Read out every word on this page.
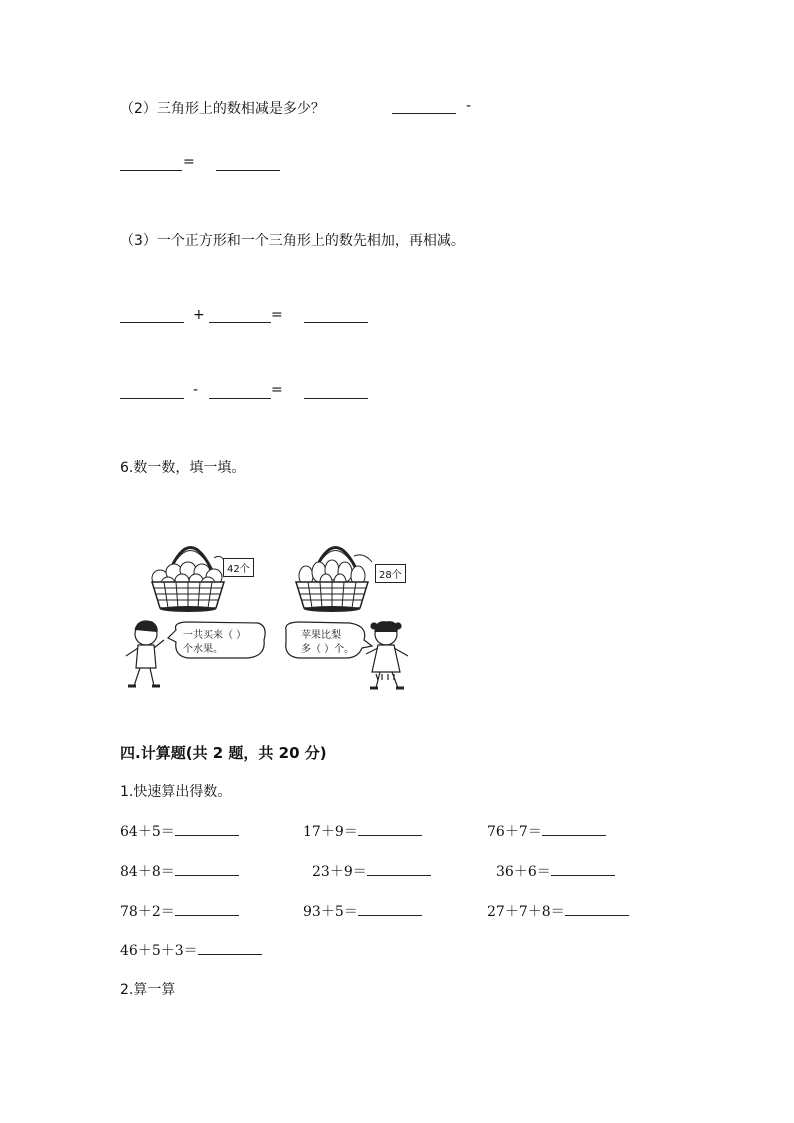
（2）三角形上的数相减是多少？	-
=
（3）一个正方形和一个三角形上的数先相加，再相减。
+	=
-	=
6.数一数，填一填。
42个
28个
一共买来（ ）
个水果。
苹果比梨
多（ ）个。
四.计算题(共 2 题，共 20 分)
1.快速算出得数。
64＋5＝	17＋9＝	76＋7＝
84＋8＝	23＋9＝	36＋6＝
78＋2＝	93＋5＝	27＋7＋8＝
46＋5＋3＝
2.算一算
